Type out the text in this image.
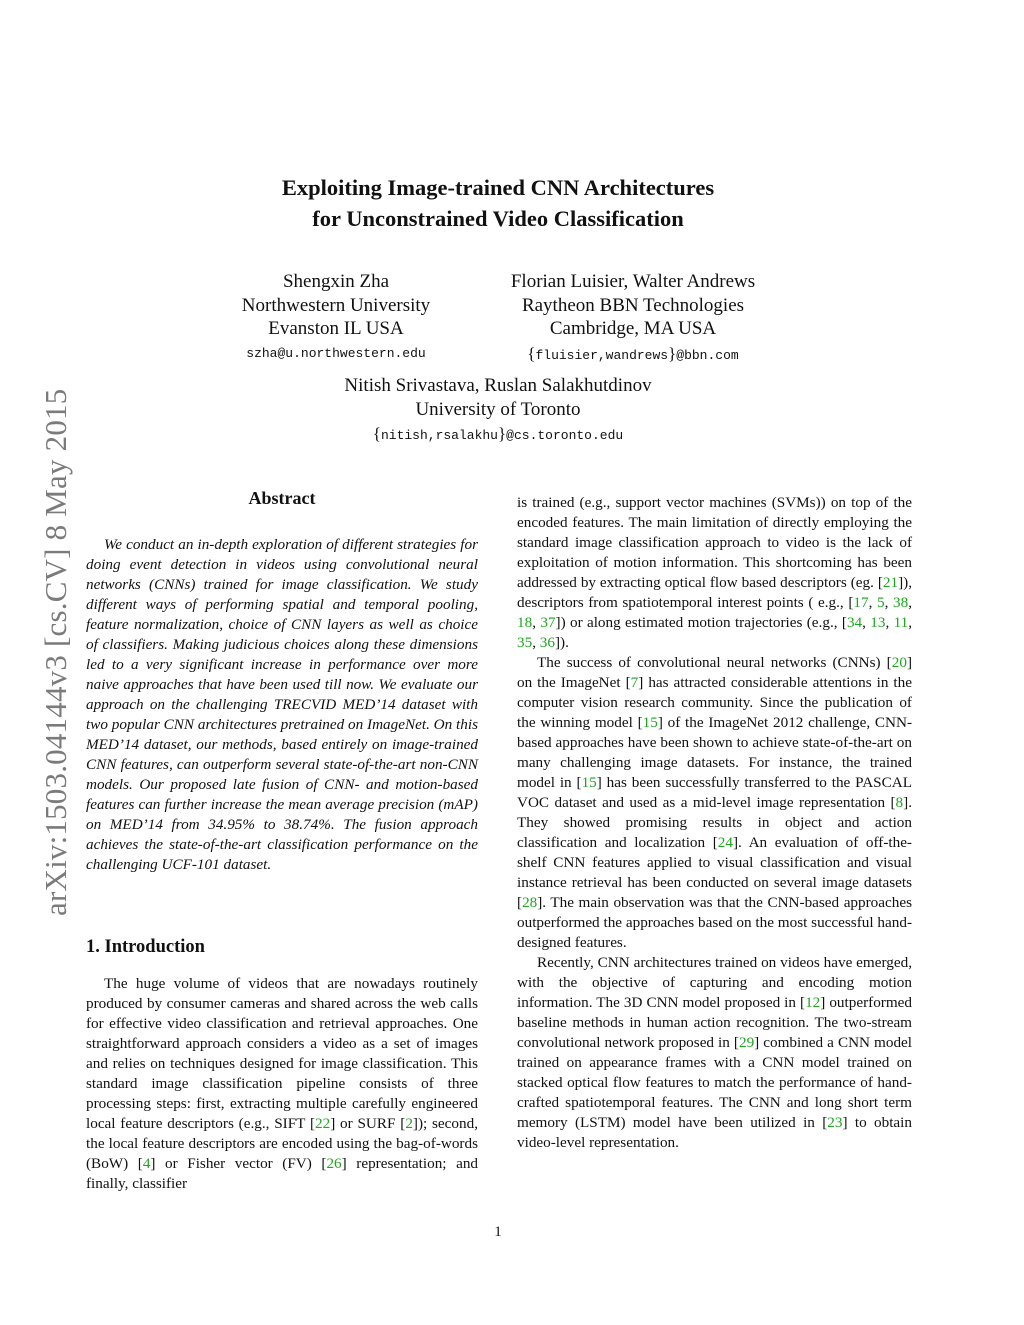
arXiv:1503.04144v3 [cs.CV] 8 May 2015
Exploiting Image-trained CNN Architectures
for Unconstrained Video Classification
Shengxin Zha
Northwestern University
Evanston IL USA
szha@u.northwestern.edu
Florian Luisier, Walter Andrews
Raytheon BBN Technologies
Cambridge, MA USA
{fluisier,wandrews}@bbn.com
Nitish Srivastava, Ruslan Salakhutdinov
University of Toronto
{nitish,rsalakhu}@cs.toronto.edu
Abstract

We conduct an in-depth exploration of different strategies for doing event detection in videos using convolutional neural networks (CNNs) trained for image classification. We study different ways of performing spatial and temporal pooling, feature normalization, choice of CNN layers as well as choice of classifiers. Making judicious choices along these dimensions led to a very significant increase in performance over more naive approaches that have been used till now. We evaluate our approach on the challenging TRECVID MED’14 dataset with two popular CNN architectures pretrained on ImageNet. On this MED’14 dataset, our methods, based entirely on image-trained CNN features, can outperform several state-of-the-art non-CNN models. Our proposed late fusion of CNN- and motion-based features can further increase the mean average precision (mAP) on MED’14 from 34.95% to 38.74%. The fusion approach achieves the state-of-the-art classification performance on the challenging UCF-101 dataset.

1. Introduction

The huge volume of videos that are nowadays routinely produced by consumer cameras and shared across the web calls for effective video classification and retrieval approaches. One straightforward approach considers a video as a set of images and relies on techniques designed for image classification. This standard image classification pipeline consists of three processing steps: first, extracting multiple carefully engineered local feature descriptors (e.g., SIFT [22] or SURF [2]); second, the local feature descriptors are encoded using the bag-of-words (BoW) [4] or Fisher vector (FV) [26] representation; and finally, classifier

is trained (e.g., support vector machines (SVMs)) on top of the encoded features. The main limitation of directly employing the standard image classification approach to video is the lack of exploitation of motion information. This shortcoming has been addressed by extracting optical flow based descriptors (eg. [21]), descriptors from spatiotemporal interest points ( e.g., [17, 5, 38, 18, 37]) or along estimated motion trajectories (e.g., [34, 13, 11, 35, 36]).

The success of convolutional neural networks (CNNs) [20] on the ImageNet [7] has attracted considerable attentions in the computer vision research community. Since the publication of the winning model [15] of the ImageNet 2012 challenge, CNN-based approaches have been shown to achieve state-of-the-art on many challenging image datasets. For instance, the trained model in [15] has been successfully transferred to the PASCAL VOC dataset and used as a mid-level image representation [8]. They showed promising results in object and action classification and localization [24]. An evaluation of off-the-shelf CNN features applied to visual classification and visual instance retrieval has been conducted on several image datasets [28]. The main observation was that the CNN-based approaches outperformed the approaches based on the most successful hand-designed features.

Recently, CNN architectures trained on videos have emerged, with the objective of capturing and encoding motion information. The 3D CNN model proposed in [12] outperformed baseline methods in human action recognition. The two-stream convolutional network proposed in [29] combined a CNN model trained on appearance frames with a CNN model trained on stacked optical flow features to match the performance of hand-crafted spatiotemporal features. The CNN and long short term memory (LSTM) model have been utilized in [23] to obtain video-level representation.

1
